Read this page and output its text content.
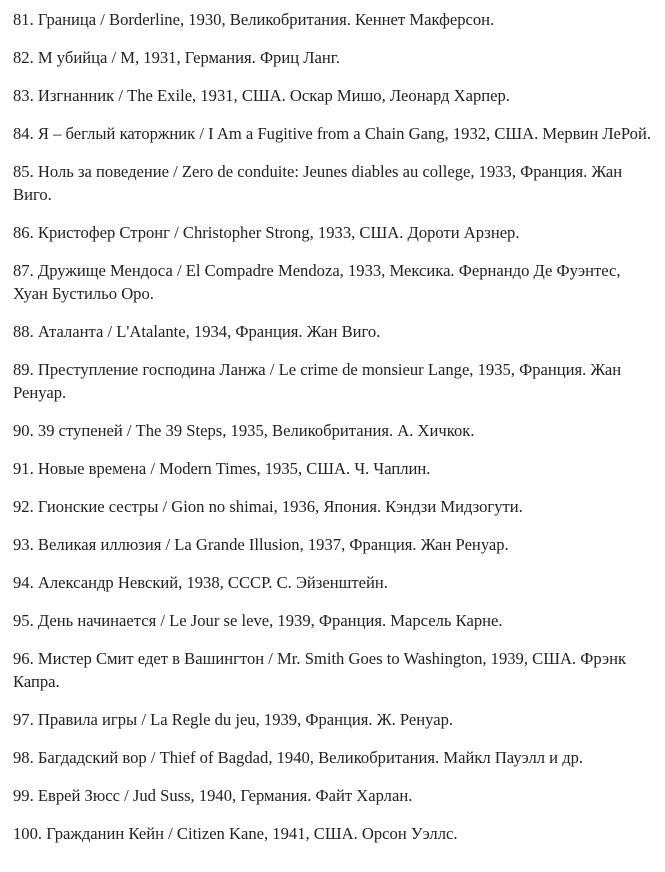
81. Граница / Borderline, 1930, Великобритания. Кеннет Макферсон.
82. М убийца / М, 1931, Германия. Фриц Ланг.
83. Изгнанник / The Exile, 1931, США. Оскар Мишо, Леонард Харпер.
84. Я – беглый каторжник / I Am a Fugitive from a Chain Gang, 1932, США. Мервин ЛеРой.
85. Ноль за поведение / Zero de conduite: Jeunes diables au college, 1933, Франция. Жан Виго.
86. Кристофер Стронг / Christopher Strong, 1933, США. Дороти Арзнер.
87. Дружище Мендоса / El Compadre Mendoza, 1933, Мексика. Фернандо Де Фуэнтес, Хуан Бустильо Оро.
88. Аталанта / L'Atalante, 1934, Франция. Жан Виго.
89. Преступление господина Ланжа / Le crime de monsieur Lange, 1935, Франция. Жан Ренуар.
90. 39 ступеней / The 39 Steps, 1935, Великобритания. А. Хичкок.
91. Новые времена / Modern Times, 1935, США. Ч. Чаплин.
92. Гионские сестры / Gion no shimai, 1936, Япония. Кэндзи Мидзогути.
93. Великая иллюзия / La Grande Illusion, 1937, Франция. Жан Ренуар.
94. Александр Невский, 1938, СССР. С. Эйзенштейн.
95. День начинается / Le Jour se leve, 1939, Франция. Марсель Карне.
96. Мистер Смит едет в Вашингтон / Mr. Smith Goes to Washington, 1939, США. Фрэнк Капра.
97. Правила игры / La Regle du jeu, 1939, Франция. Ж. Ренуар.
98. Багдадский вор / Thief of Bagdad, 1940, Великобритания. Майкл Пауэлл и др.
99. Еврей Зюсс / Jud Suss, 1940, Германия. Файт Харлан.
100. Гражданин Кейн / Citizen Kane, 1941, США. Орсон Уэллс.
